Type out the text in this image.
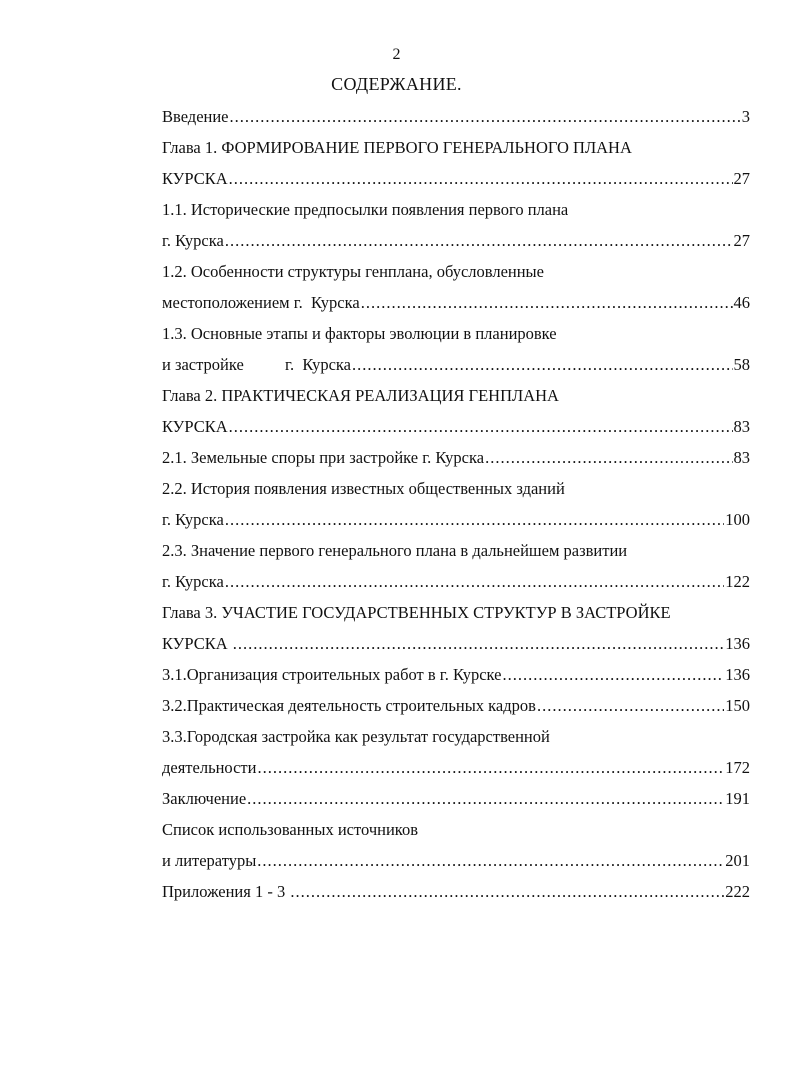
2
СОДЕРЖАНИЕ.
Введение .....	3
Глава 1. ФОРМИРОВАНИЕ ПЕРВОГО ГЕНЕРАЛЬНОГО ПЛАНА
КУРСКА .....	27
1.1. Исторические предпосылки появления первого плана
г. Курска .....	27
1.2. Особенности структуры генплана, обусловленные
местоположением г.  Курска .....	46
1.3. Основные этапы и факторы эволюции в планировке
и застройке          г.  Курска .....	58
Глава 2. ПРАКТИЧЕСКАЯ РЕАЛИЗАЦИЯ ГЕНПЛАНА
КУРСКА .....	83
2.1. Земельные споры при застройке г. Курска .....	83
2.2. История появления известных общественных зданий
г. Курска .....	100
2.3. Значение первого генерального плана в дальнейшем развитии
г. Курска .....	122
Глава 3. УЧАСТИЕ ГОСУДАРСТВЕННЫХ СТРУКТУР В ЗАСТРОЙКЕ
КУРСКА .....	136
3.1.Организация строительных работ в г. Курске .....	136
3.2.Практическая деятельность строительных кадров .....	150
3.3.Городская застройка как результат государственной
деятельности .....	172
Заключение .....	191
Список использованных источников
и литературы .....	201
Приложения 1 - 3 .....	222
